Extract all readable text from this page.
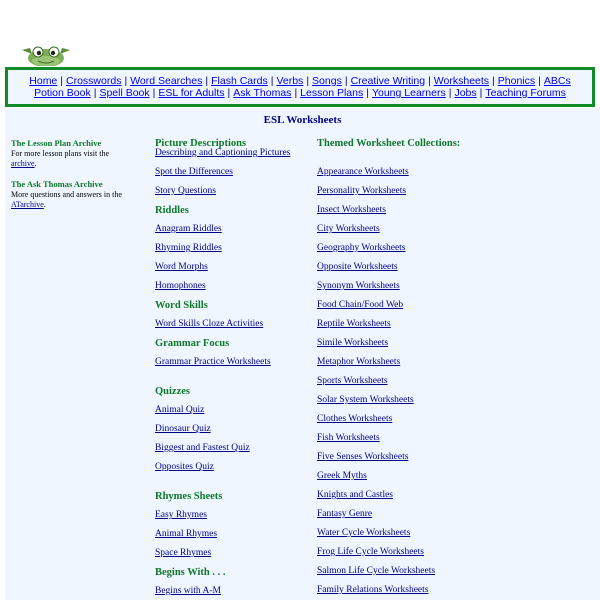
Home | Crosswords | Word Searches | Flash Cards | Verbs | Songs | Creative Writing | Worksheets | Phonics | ABCs
Potion Book | Spell Book | ESL for Adults | Ask Thomas | Lesson Plans | Young Learners | Jobs | Teaching Forums
ESL Worksheets
The Lesson Plan Archive
For more lesson plans visit the archive.
The Ask Thomas Archive
More questions and answers in the ATarchive.
Picture Descriptions
Describing and Captioning Pictures
Spot the Differences
Story Questions
Riddles
Anagram Riddles
Rhyming Riddles
Word Morphs
Homophones
Word Skills
Word Skills Cloze Activities
Grammar Focus
Grammar Practice Worksheets
Quizzes
Animal Quiz
Dinosaur Quiz
Biggest and Fastest Quiz
Opposites Quiz
Rhymes Sheets
Easy Rhymes
Animal Rhymes
Space Rhymes
Begins With . . .
Begins with A-M
Themed Worksheet Collections:
Appearance Worksheets
Personality Worksheets
Insect Worksheets
City Worksheets
Geography Worksheets
Opposite Worksheets
Synonym Worksheets
Food Chain/Food Web
Reptile Worksheets
Simile Worksheets
Metaphor Worksheets
Sports Worksheets
Solar System Worksheets
Clothes Worksheets
Fish Worksheets
Five Senses Worksheets
Greek Myths
Knights and Castles
Fantasy Genre
Water Cycle Worksheets
Frog Life Cycle Worksheets
Salmon Life Cycle Worksheets
Family Relations Worksheets
